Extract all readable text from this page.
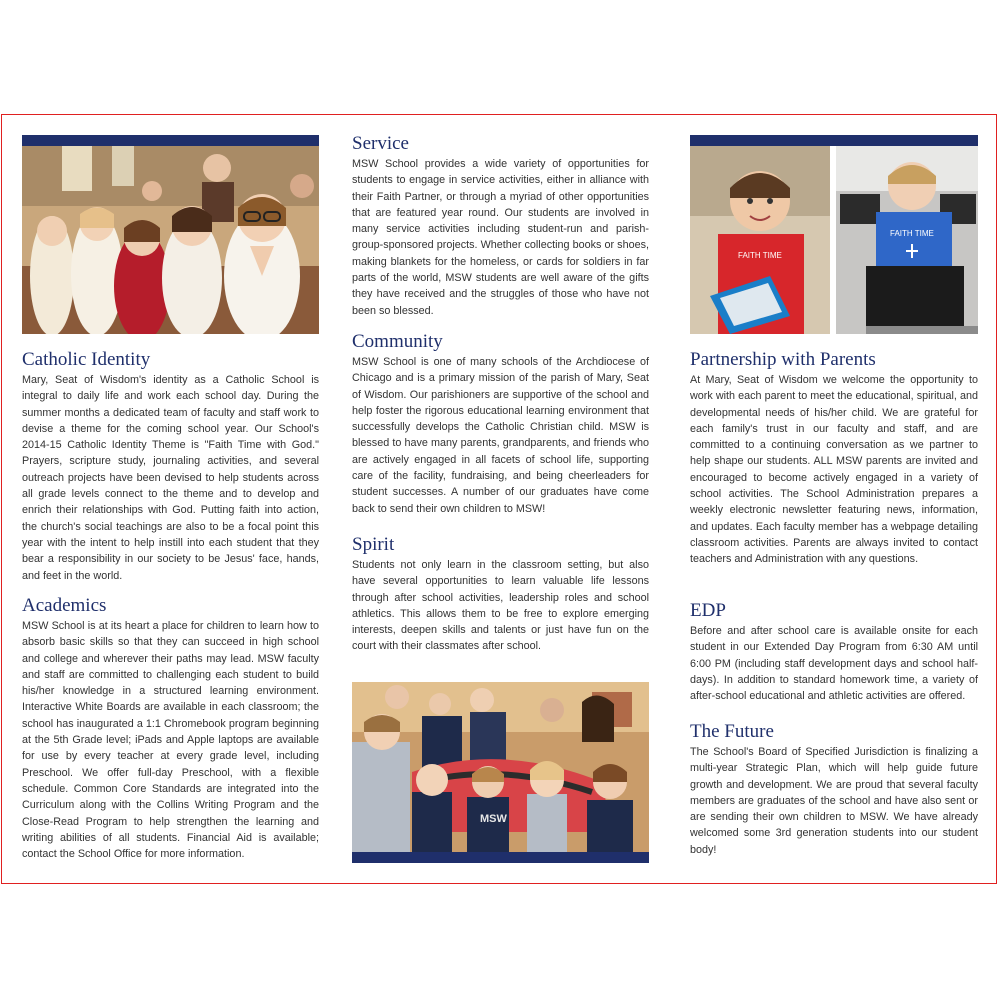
Catholic Identity

Mary, Seat of Wisdom's identity as a Catholic School is integral to daily life and work each school day. During the summer months a dedicated team of faculty and staff work to devise a theme for the coming school year. Our School's 2014-15 Catholic Identity Theme is "Faith Time with God." Prayers, scripture study, journaling activities, and several outreach projects have been devised to help students across all grade levels connect to the theme and to develop and enrich their relationships with God. Putting faith into action, the church's social teachings are also to be a focal point this year with the intent to help instill into each student that they bear a responsibility in our society to be Jesus' face, hands, and feet in the world.

Academics

MSW School is at its heart a place for children to learn how to absorb basic skills so that they can succeed in high school and college and wherever their paths may lead. MSW faculty and staff are committed to challenging each student to build his/her knowledge in a structured learning environment. Interactive White Boards are available in each classroom; the school has inaugurated a 1:1 Chromebook program beginning at the 5th Grade level; iPads and Apple laptops are available for use by every teacher at every grade level, including Preschool. We offer full-day Preschool, with a flexible schedule. Common Core Standards are integrated into the Curriculum along with the Collins Writing Program and the Close-Read Program to help strengthen the learning and writing abilities of all students. Financial Aid is available; contact the School Office for more information.

Service

MSW School provides a wide variety of opportunities for students to engage in service activities, either in alliance with their Faith Partner, or through a myriad of other opportunities that are featured year round. Our students are involved in many service activities including student-run and parish-group-sponsored projects. Whether collecting books or shoes, making blankets for the homeless, or cards for soldiers in far parts of the world, MSW students are well aware of the gifts they have received and the struggles of those who have not been so blessed.

Community

MSW School is one of many schools of the Archdiocese of Chicago and is a primary mission of the parish of Mary, Seat of Wisdom. Our parishioners are supportive of the school and help foster the rigorous educational learning environment that successfully develops the Catholic Christian child. MSW is blessed to have many parents, grandparents, and friends who are actively engaged in all facets of school life, supporting care of the facility, fundraising, and being cheerleaders for student successes. A number of our graduates have come back to send their own children to MSW!

Spirit

Students not only learn in the classroom setting, but also have several opportunities to learn valuable life lessons through after school activities, leadership roles and school athletics. This allows them to be free to explore emerging interests, deepen skills and talents or just have fun on the court with their classmates after school.

MSW
FAITH TIME
FAITH TIME
Partnership with Parents

At Mary, Seat of Wisdom we welcome the opportunity to work with each parent to meet the educational, spiritual, and developmental needs of his/her child. We are grateful for each family's trust in our faculty and staff, and are committed to a continuing conversation as we partner to help shape our students. ALL MSW parents are invited and encouraged to become actively engaged in a variety of school activities. The School Administration prepares a weekly electronic newsletter featuring news, information, and updates. Each faculty member has a webpage detailing classroom activities. Parents are always invited to contact teachers and Administration with any questions.

EDP

Before and after school care is available onsite for each student in our Extended Day Program from 6:30 AM until 6:00 PM (including staff development days and school half-days). In addition to standard homework time, a variety of after-school educational and athletic activities are offered.

The Future

The School's Board of Specified Jurisdiction is finalizing a multi-year Strategic Plan, which will help guide future growth and development. We are proud that several faculty members are graduates of the school and have also sent or are sending their own children to MSW. We have already welcomed some 3rd generation students into our student body!
